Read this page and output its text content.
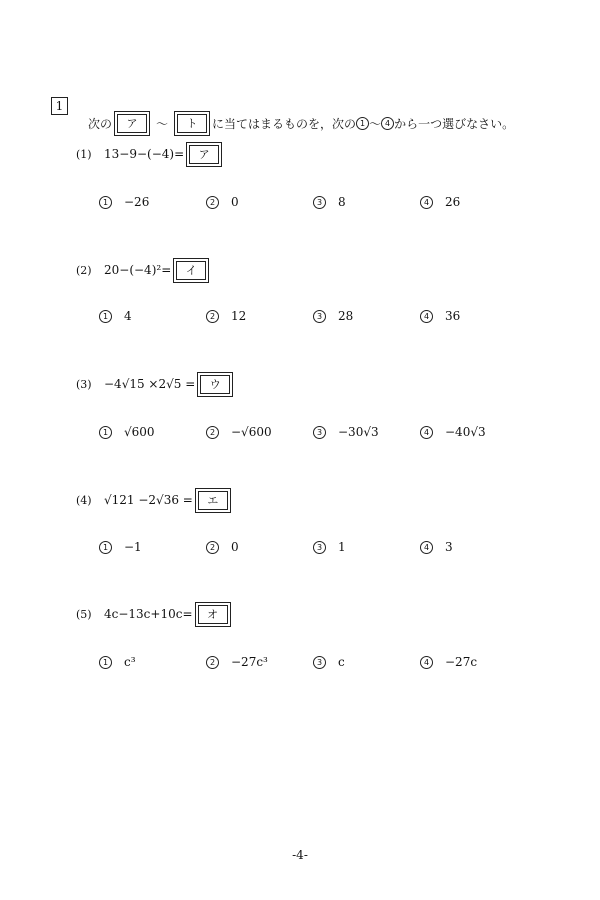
1
次の	ア	〜	ト	に当てはまるものを，次の 1 〜 4 から一つ選びなさい。
(1)	13−9−(−4)=	ア
1	−26	2	0	3	8	4	26
(2)	20−(−4)²=	イ
1	4	2	12	3	28	4	36
(3)	−4√15 ×2√5 =	ウ
1	√600	2	−√600	3	−30√3	4	−40√3
(4)	√121 −2√36 =	エ
1	−1	2	0	3	1	4	3
(5)	4c−13c+10c=	オ
1	c³	2	−27c³	3	c	4	−27c
-4-
